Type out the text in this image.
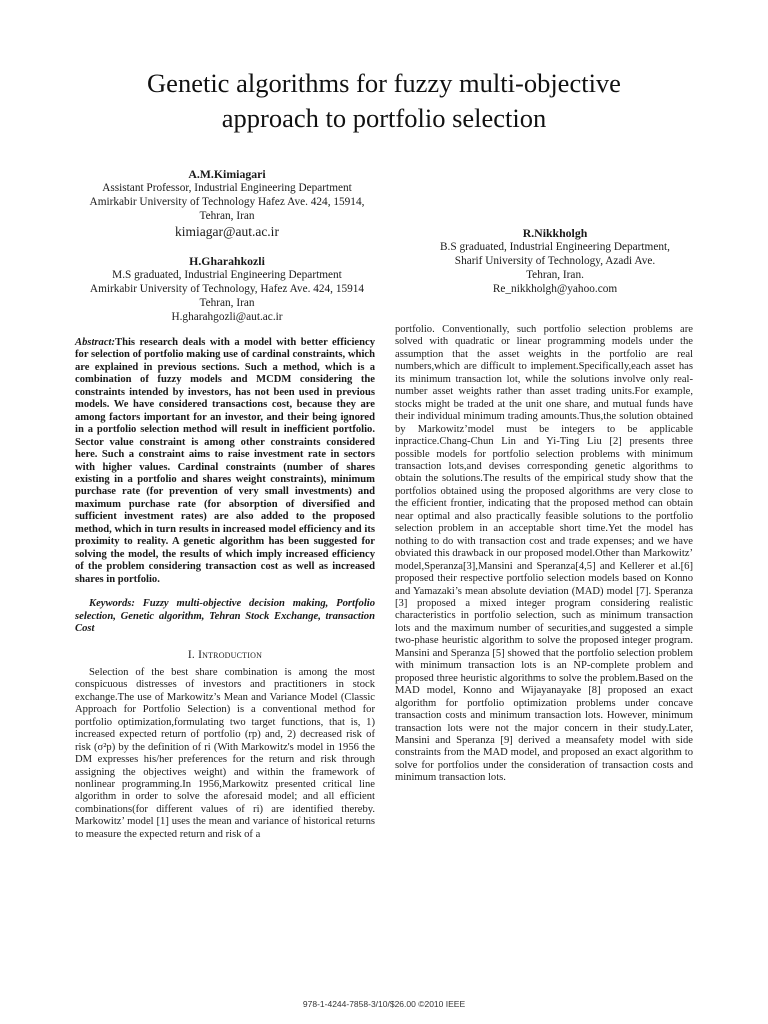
Genetic algorithms for fuzzy multi-objective
approach to portfolio selection
A.M.Kimiagari
Assistant Professor, Industrial Engineering Department
Amirkabir University of Technology Hafez Ave. 424, 15914,
Tehran, Iran
kimiagar@aut.ac.ir
H.Gharahkozli
M.S graduated, Industrial Engineering Department
Amirkabir University of Technology, Hafez Ave. 424, 15914
Tehran, Iran
H.gharahgozli@aut.ac.ir
R.Nikkholgh
B.S graduated, Industrial Engineering Department,
Sharif University of Technology, Azadi Ave.
Tehran, Iran.
Re_nikkholgh@yahoo.com

Abstract:This research deals with a model with better efficiency for selection of portfolio making use of cardinal constraints, which are explained in previous sections. Such a method, which is a combination of fuzzy models and MCDM considering the constraints intended by investors, has not been used in previous models. We have considered transactions cost, because they are among factors important for an investor, and their being ignored in a portfolio selection method will result in inefficient portfolio. Sector value constraint is among other constraints considered here. Such a constraint aims to raise investment rate in sectors with higher values. Cardinal constraints (number of shares existing in a portfolio and shares weight constraints), minimum purchase rate (for prevention of very small investments) and maximum purchase rate (for absorption of diversified and sufficient investment rates) are also added to the proposed method, which in turn results in increased model efficiency and its proximity to reality. A genetic algorithm has been suggested for solving the model, the results of which imply increased efficiency of the problem considering transaction cost as well as increased shares in portfolio.

Keywords: Fuzzy multi-objective decision making, Portfolio selection, Genetic algorithm, Tehran Stock Exchange, transaction Cost

I. Introduction

Selection of the best share combination is among the most conspicuous distresses of investors and practitioners in stock exchange.The use of Markowitz’s Mean and Variance Model (Classic Approach for Portfolio Selection) is a conventional method for portfolio optimization,formulating two target functions, that is, 1) increased expected return of portfolio (rp) and, 2) decreased risk of risk (σ²p) by the definition of ri (With Markowitz's model in 1956 the DM expresses his/her preferences for the return and risk through assigning the objectives weight) and within the framework of nonlinear programming.In 1956,Markowitz presented critical line algorithm in order to solve the aforesaid model; and all efficient combinations(for different values of ri) are identified thereby. Markowitz’ model [1] uses the mean and variance of historical returns to measure the expected return and risk of a

portfolio. Conventionally, such portfolio selection problems are solved with quadratic or linear programming models under the assumption that the asset weights in the portfolio are real numbers,which are difficult to implement.Specifically,each asset has its minimum transaction lot, while the solutions involve only real-number asset weights rather than asset trading units.For example, stocks might be traded at the unit one share, and mutual funds have their individual minimum trading amounts.Thus,the solution obtained by Markowitz’model must be integers to be applicable inpractice.Chang-Chun Lin and Yi-Ting Liu [2] presents three possible models for portfolio selection problems with minimum transaction lots,and devises corresponding genetic algorithms to obtain the solutions.The results of the empirical study show that the portfolios obtained using the proposed algorithms are very close to the efficient frontier, indicating that the proposed method can obtain near optimal and also practically feasible solutions to the portfolio selection problem in an acceptable short time.Yet the model has nothing to do with transaction cost and trade expenses; and we have obviated this drawback in our proposed model.Other than Markowitz’ model,Speranza[3],Mansini and Speranza[4,5] and Kellerer et al.[6] proposed their respective portfolio selection models based on Konno and Yamazaki’s mean absolute deviation (MAD) model [7]. Speranza [3] proposed a mixed integer program considering realistic characteristics in portfolio selection, such as minimum transaction lots and the maximum number of securities,and suggested a simple two-phase heuristic algorithm to solve the proposed integer program. Mansini and Speranza [5] showed that the portfolio selection problem with minimum transaction lots is an NP-complete problem and proposed three heuristic algorithms to solve the problem.Based on the MAD model, Konno and Wijayanayake [8] proposed an exact algorithm for portfolio optimization problems under concave transaction costs and minimum transaction lots. However, minimum transaction lots were not the major concern in their study.Later, Mansini and Speranza [9] derived a meansafety model with side constraints from the MAD model, and proposed an exact algorithm to solve for portfolios under the consideration of transaction costs and minimum transaction lots.

978-1-4244-7858-3/10/$26.00 ©2010 IEEE
